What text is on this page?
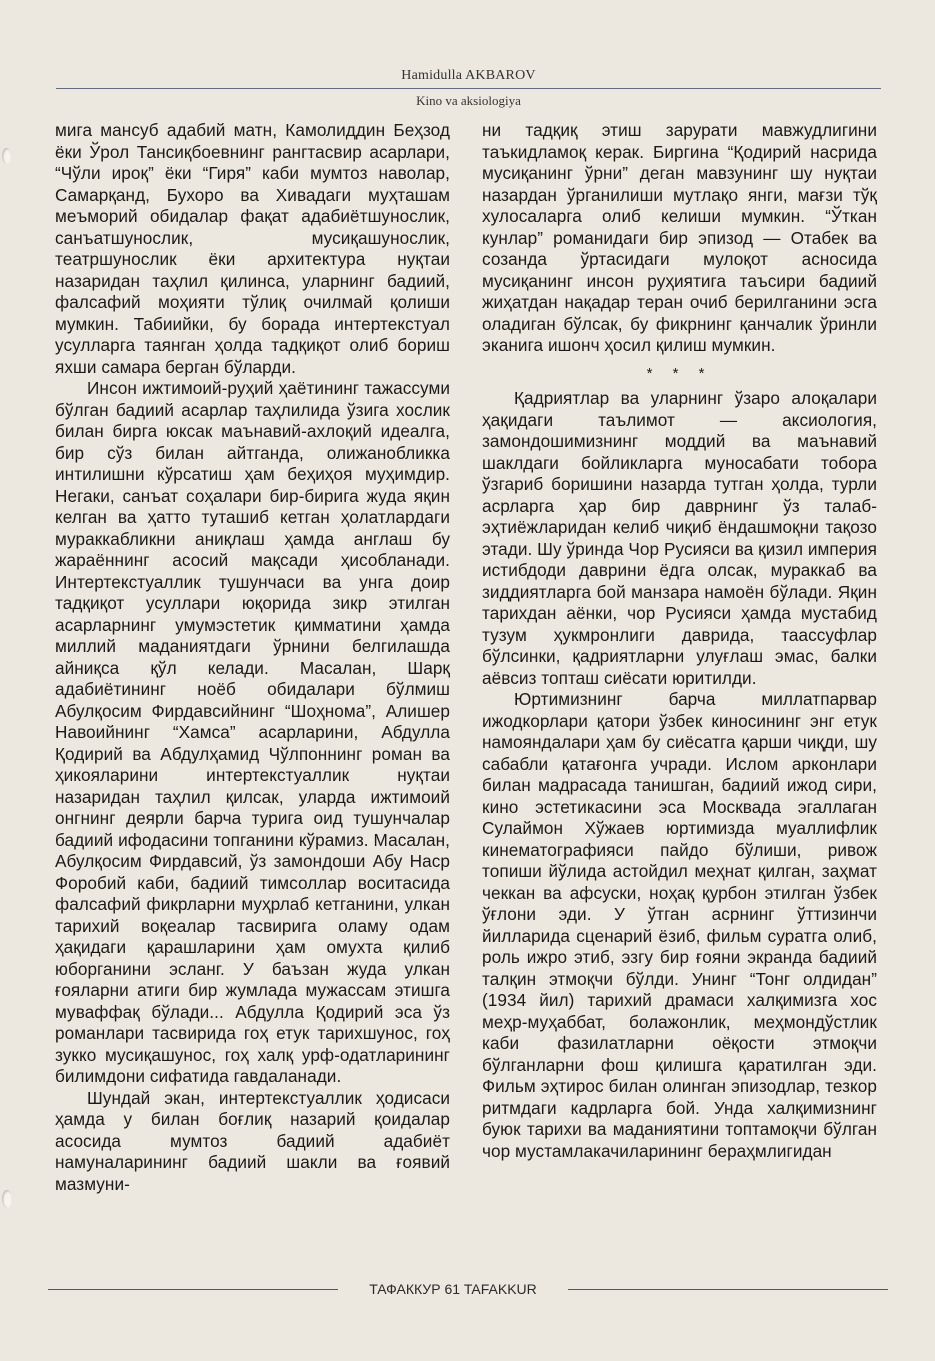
Hamidulla AKBAROV
Kino va aksiologiya

мига мансуб адабий матн, Камолиддин Беҳзод ёки Ўрол Тансиқбоевнинг рангтасвир асарлари, “Чўли ироқ” ёки “Гиря” каби мумтоз наволар, Самарқанд, Бухоро ва Хивадаги муҳташам меъморий обидалар фақат адабиётшунослик, санъатшунослик, мусиқашунослик, театршунослик ёки архитектура нуқтаи назаридан таҳлил қилинса, уларнинг бадиий, фалсафий моҳияти тўлиқ очилмай қолиши мумкин. Табиийки, бу борада интертекстуал усулларга таянган ҳолда тадқиқот олиб бориш яхши самара берган бўларди.

Инсон ижтимоий-руҳий ҳаётининг тажассуми бўлган бадиий асарлар таҳлилида ўзига хослик билан бирга юксак маънавий-ахлоқий идеалга, бир сўз билан айтганда, олижанобликка интилишни кўрсатиш ҳам беҳиҳоя муҳимдир. Негаки, санъат соҳалари бир-бирига жуда яқин келган ва ҳатто туташиб кетган ҳолатлардаги мураккабликни аниқлаш ҳамда англаш бу жараённинг асосий мақсади ҳисобланади. Интертекстуаллик тушунчаси ва унга доир тадқиқот усуллари юқорида зикр этилган асарларнинг умумэстетик қимматини ҳамда миллий маданиятдаги ўрнини белгилашда айниқса қўл келади. Масалан, Шарқ адабиётининг ноёб обидалари бўлмиш Абулқосим Фирдавсийнинг “Шоҳнома”, Алишер Навоийнинг “Хамса” асарларини, Абдулла Қодирий ва Абдулҳамид Чўлпоннинг роман ва ҳикояларини интертекстуаллик нуқтаи назаридан таҳлил қилсак, уларда ижтимоий онгнинг деярли барча турига оид тушунчалар бадиий ифодасини топганини кўрамиз. Масалан, Абулқосим Фирдавсий, ўз замондоши Абу Наср Форобий каби, бадиий тимсоллар воситасида фалсафий фикрларни муҳрлаб кетганини, улкан тарихий воқеалар тасвирига оламу одам ҳақидаги қарашларини ҳам омухта қилиб юборганини эсланг. У баъзан жуда улкан ғояларни атиги бир жумлада мужассам этишга муваффақ бўлади... Абдулла Қодирий эса ўз романлари тасвирида гоҳ етук тарихшунос, гоҳ зукко мусиқашунос, гоҳ халқ урф-одатларининг билимдони сифатида гавдаланади.

Шундай экан, интертекстуаллик ҳодисаси ҳамда у билан боғлиқ назарий қоидалар асосида мумтоз бадиий адабиёт намуналарининг бадиий шакли ва ғоявий мазмуни-

ни тадқиқ этиш зарурати мавжудлигини таъкидламоқ керак. Биргина “Қодирий насрида мусиқанинг ўрни” деган мавзунинг шу нуқтаи назардан ўрганилиши мутлақо янги, мағзи тўқ хулосаларга олиб келиши мумкин. “Ўткан кунлар” романидаги бир эпизод — Отабек ва созанда ўртасидаги мулоқот асносида мусиқанинг инсон руҳиятига таъсири бадиий жиҳатдан нақадар теран очиб берилганини эсга оладиган бўлсак, бу фикрнинг қанчалик ўринли эканига ишонч ҳосил қилиш мумкин.

* * *

Қадриятлар ва уларнинг ўзаро алоқалари ҳақидаги таълимот — аксиология, замондошимизнинг моддий ва маънавий шаклдаги бойликларга муносабати тобора ўзгариб боришини назарда тутган ҳолда, турли асрларга ҳар бир даврнинг ўз талаб-эҳтиёжларидан келиб чиқиб ёндашмоқни тақозо этади. Шу ўринда Чор Русияси ва қизил империя истибдоди даврини ёдга олсак, мураккаб ва зиддиятларга бой манзара намоён бўлади. Яқин тарихдан аёнки, чор Русияси ҳамда мустабид тузум ҳукмронлиги даврида, таассуфлар бўлсинки, қадриятларни улуғлаш эмас, балки аёвсиз топташ сиёсати юритилди.

Юртимизнинг барча миллатпарвар ижодкорлари қатори ўзбек киносининг энг етук намояндалари ҳам бу сиёсатга қарши чиқди, шу сабабли қатағонга учради. Ислом арконлари билан мадрасада танишган, бадиий ижод сири, кино эстетикасини эса Москвада эгаллаган Сулаймон Хўжаев юртимизда муаллифлик кинематографияси пайдо бўлиши, ривож топиши йўлида астойдил меҳнат қилган, заҳмат чеккан ва афсуски, ноҳақ қурбон этилган ўзбек ўғлони эди. У ўтган асрнинг ўттизинчи йилларида сценарий ёзиб, фильм суратга олиб, роль ижро этиб, эзгу бир ғояни экранда бадиий талқин этмоқчи бўлди. Унинг “Тонг олдидан” (1934 йил) тарихий драмаси халқимизга хос меҳр-муҳаббат, болажонлик, меҳмондўстлик каби фазилатларни оёқости этмоқчи бўлганларни фош қилишга қаратилган эди. Фильм эҳтирос билан олинган эпизодлар, тезкор ритмдаги кадрларга бой. Унда халқимизнинг буюк тарихи ва маданиятини топтамоқчи бўлган чор мустамлакачиларининг бераҳмлигидан

ТАФАККУР 61 TAFAKKUR
